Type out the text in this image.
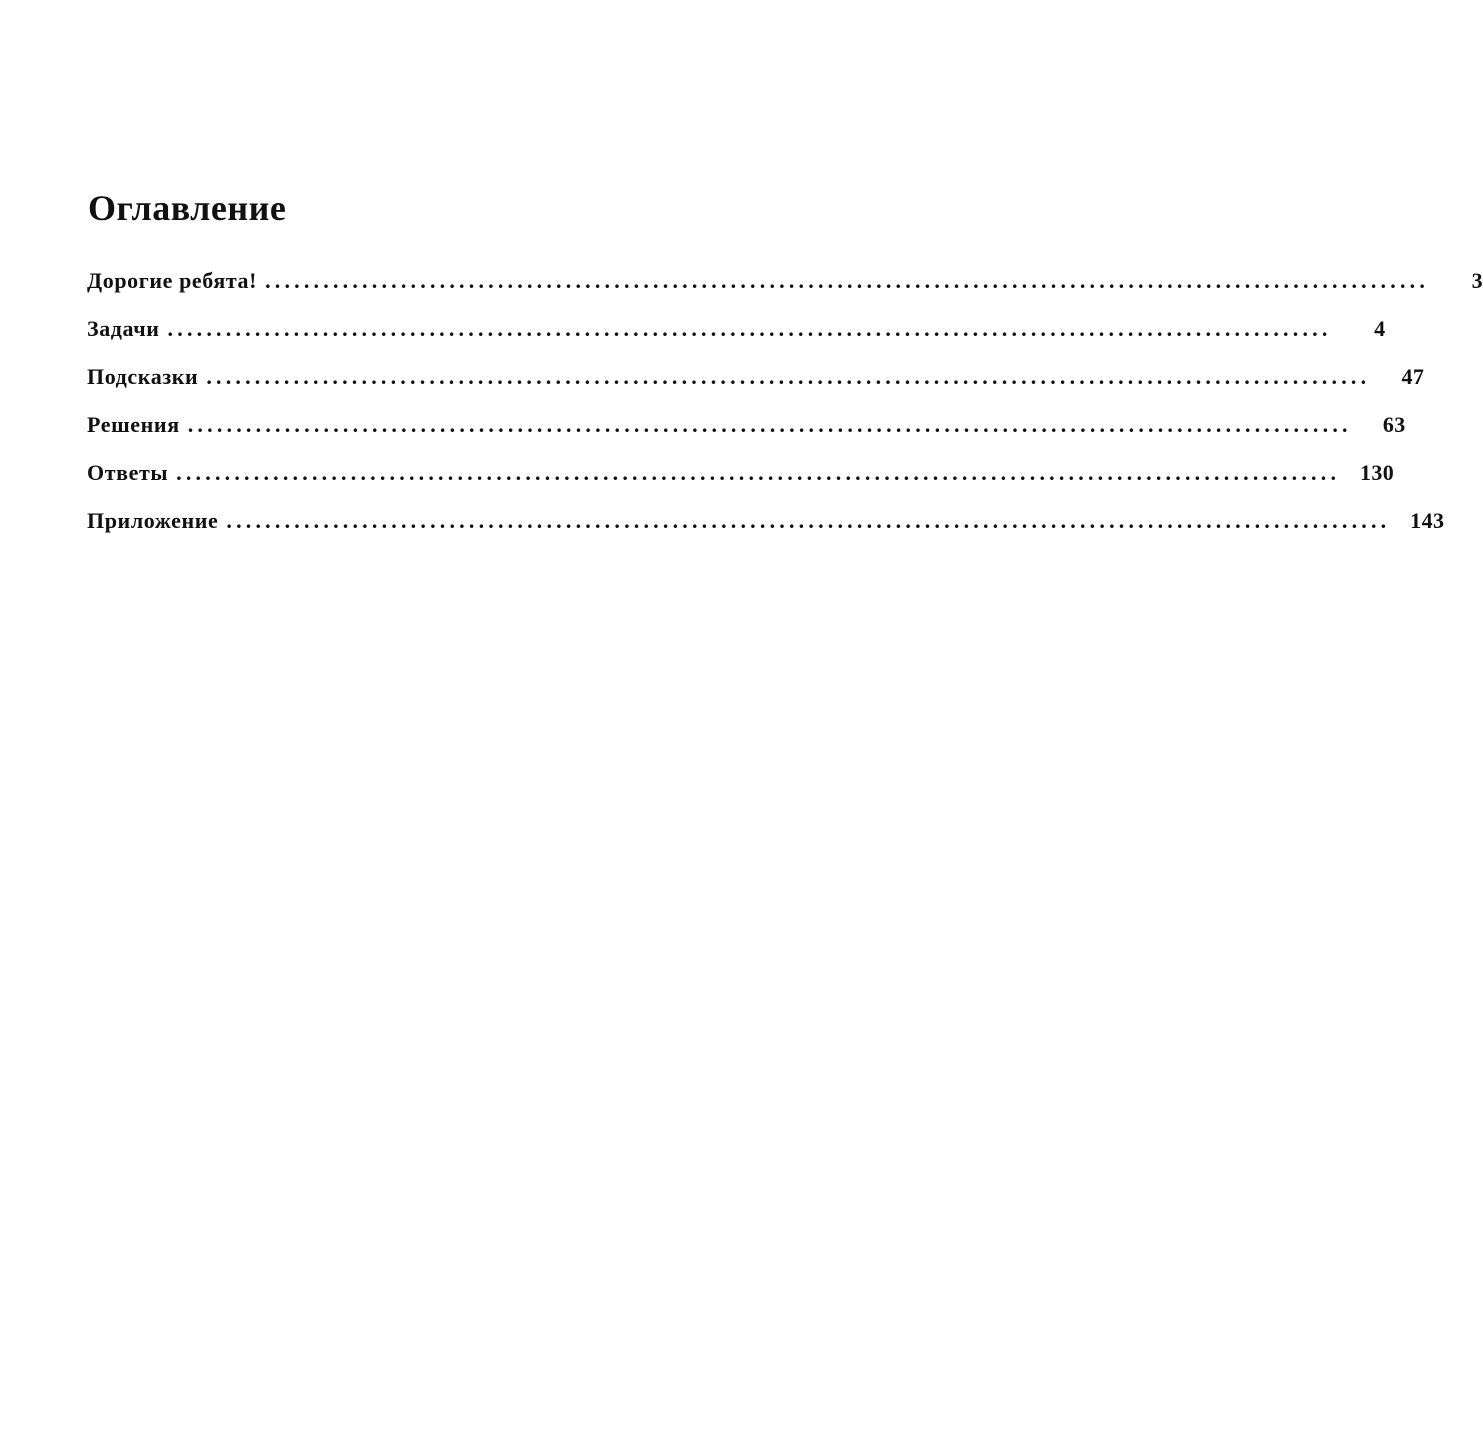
Оглавление
Дорогие ребята! ........................................................................................................................	3
Задачи ........................................................................................................................	4
Подсказки ........................................................................................................................	47
Решения ........................................................................................................................	63
Ответы ........................................................................................................................ 130
Приложение ........................................................................................................................ 143
